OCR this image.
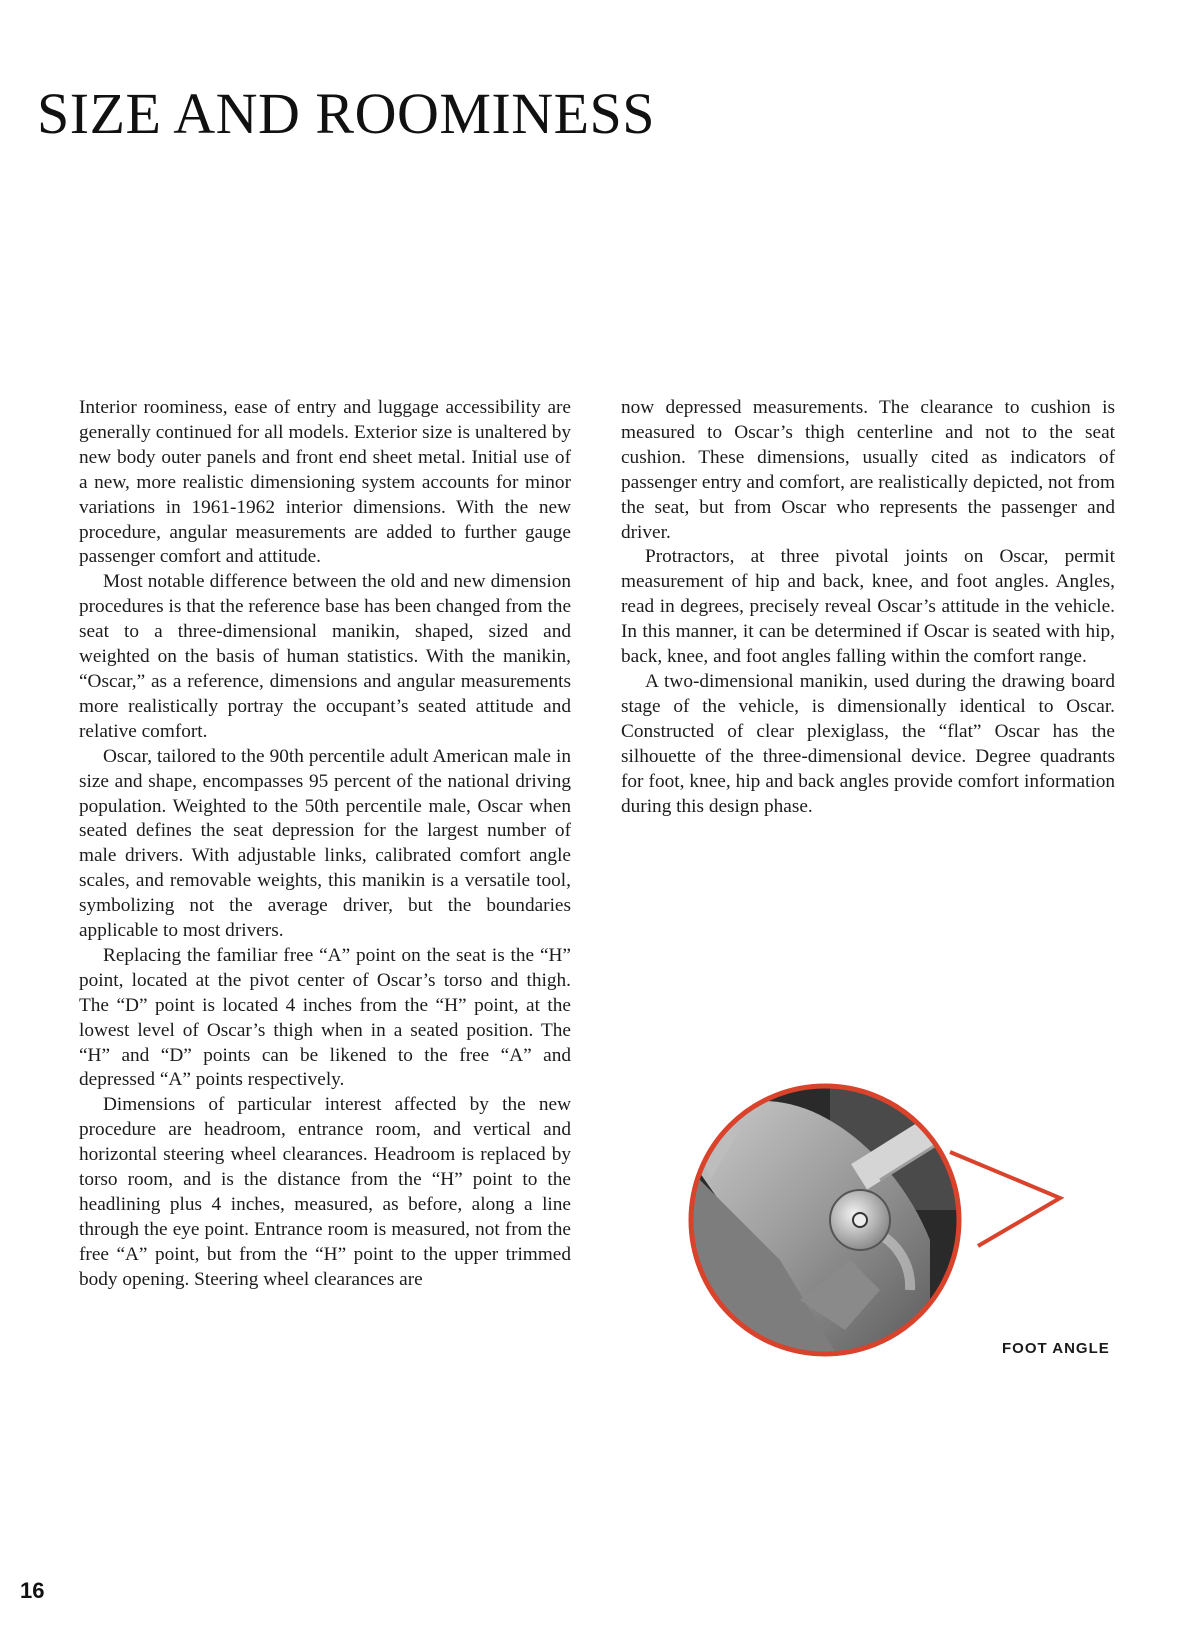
SIZE AND ROOMINESS

Interior roominess, ease of entry and luggage accessibility are generally continued for all models. Exterior size is unaltered by new body outer panels and front end sheet metal. Initial use of a new, more realistic dimensioning system accounts for minor variations in 1961-1962 interior dimensions. With the new procedure, angular measurements are added to further gauge passenger comfort and attitude.

Most notable difference between the old and new dimension procedures is that the reference base has been changed from the seat to a three-dimensional manikin, shaped, sized and weighted on the basis of human statistics. With the manikin, “Oscar,” as a reference, dimensions and angular measurements more realistically portray the occupant’s seated attitude and relative comfort.

Oscar, tailored to the 90th percentile adult American male in size and shape, encompasses 95 percent of the national driving population. Weighted to the 50th percentile male, Oscar when seated defines the seat depression for the largest number of male drivers. With adjustable links, calibrated comfort angle scales, and removable weights, this manikin is a versatile tool, symbolizing not the average driver, but the boundaries applicable to most drivers.

Replacing the familiar free “A” point on the seat is the “H” point, located at the pivot center of Oscar’s torso and thigh. The “D” point is located 4 inches from the “H” point, at the lowest level of Oscar’s thigh when in a seated position. The “H” and “D” points can be likened to the free “A” and depressed “A” points respectively.

Dimensions of particular interest affected by the new procedure are headroom, entrance room, and vertical and horizontal steering wheel clearances. Headroom is replaced by torso room, and is the distance from the “H” point to the headlining plus 4 inches, measured, as before, along a line through the eye point. Entrance room is measured, not from the free “A” point, but from the “H” point to the upper trimmed body opening. Steering wheel clearances are

now depressed measurements. The clearance to cushion is measured to Oscar’s thigh centerline and not to the seat cushion. These dimensions, usually cited as indicators of passenger entry and comfort, are realistically depicted, not from the seat, but from Oscar who represents the passenger and driver.

Protractors, at three pivotal joints on Oscar, permit measurement of hip and back, knee, and foot angles. Angles, read in degrees, precisely reveal Oscar’s attitude in the vehicle. In this manner, it can be determined if Oscar is seated with hip, back, knee, and foot angles falling within the comfort range.

A two-dimensional manikin, used during the drawing board stage of the vehicle, is dimensionally identical to Oscar. Constructed of clear plexiglass, the “flat” Oscar has the silhouette of the three-dimensional device. Degree quadrants for foot, knee, hip and back angles provide comfort information during this design phase.

FOOT ANGLE
16
